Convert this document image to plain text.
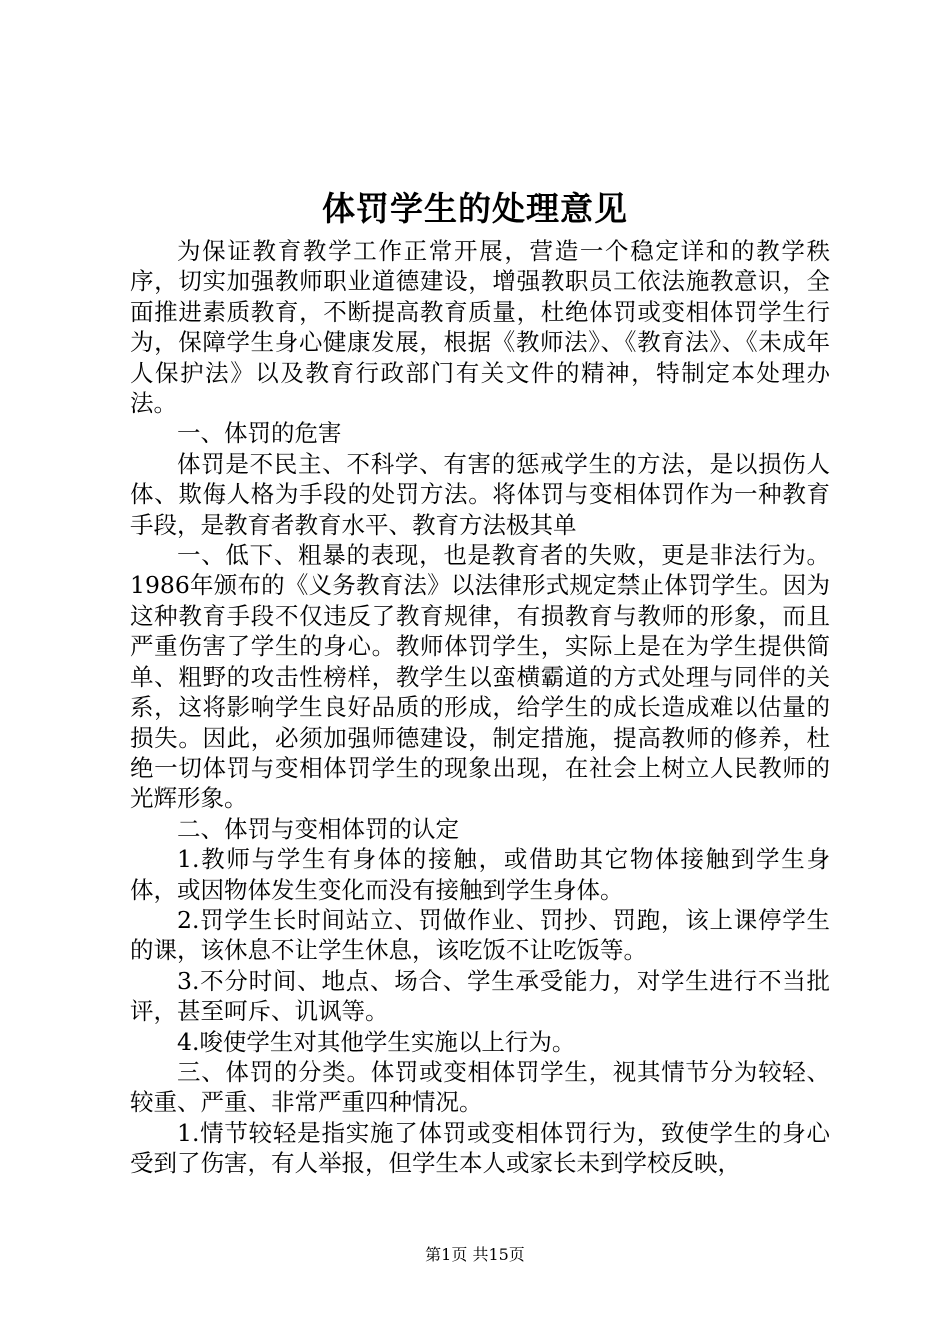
体罚学生的处理意见

为保证教育教学工作正常开展，营造一个稳定详和的教学秩序，切实加强教师职业道德建设，增强教职员工依法施教意识，全面推进素质教育，不断提高教育质量，杜绝体罚或变相体罚学生行为，保障学生身心健康发展，根据《教师法》、《教育法》、《未成年人保护法》以及教育行政部门有关文件的精神，特制定本处理办法。

一、体罚的危害

体罚是不民主、不科学、有害的惩戒学生的方法，是以损伤人体、欺侮人格为手段的处罚方法。将体罚与变相体罚作为一种教育手段，是教育者教育水平、教育方法极其单

一、低下、粗暴的表现，也是教育者的失败，更是非法行为。1986年颁布的《义务教育法》以法律形式规定禁止体罚学生。因为这种教育手段不仅违反了教育规律，有损教育与教师的形象，而且严重伤害了学生的身心。教师体罚学生，实际上是在为学生提供简单、粗野的攻击性榜样，教学生以蛮横霸道的方式处理与同伴的关系，这将影响学生良好品质的形成，给学生的成长造成难以估量的损失。因此，必须加强师德建设，制定措施，提高教师的修养，杜绝一切体罚与变相体罚学生的现象出现，在社会上树立人民教师的光辉形象。

二、体罚与变相体罚的认定

1.教师与学生有身体的接触，或借助其它物体接触到学生身体，或因物体发生变化而没有接触到学生身体。

2.罚学生长时间站立、罚做作业、罚抄、罚跑，该上课停学生的课，该休息不让学生休息，该吃饭不让吃饭等。

3.不分时间、地点、场合、学生承受能力，对学生进行不当批评，甚至呵斥、讥讽等。

4.唆使学生对其他学生实施以上行为。

三、体罚的分类。体罚或变相体罚学生，视其情节分为较轻、较重、严重、非常严重四种情况。

1.情节较轻是指实施了体罚或变相体罚行为，致使学生的身心受到了伤害，有人举报，但学生本人或家长未到学校反映，

第1页 共15页
